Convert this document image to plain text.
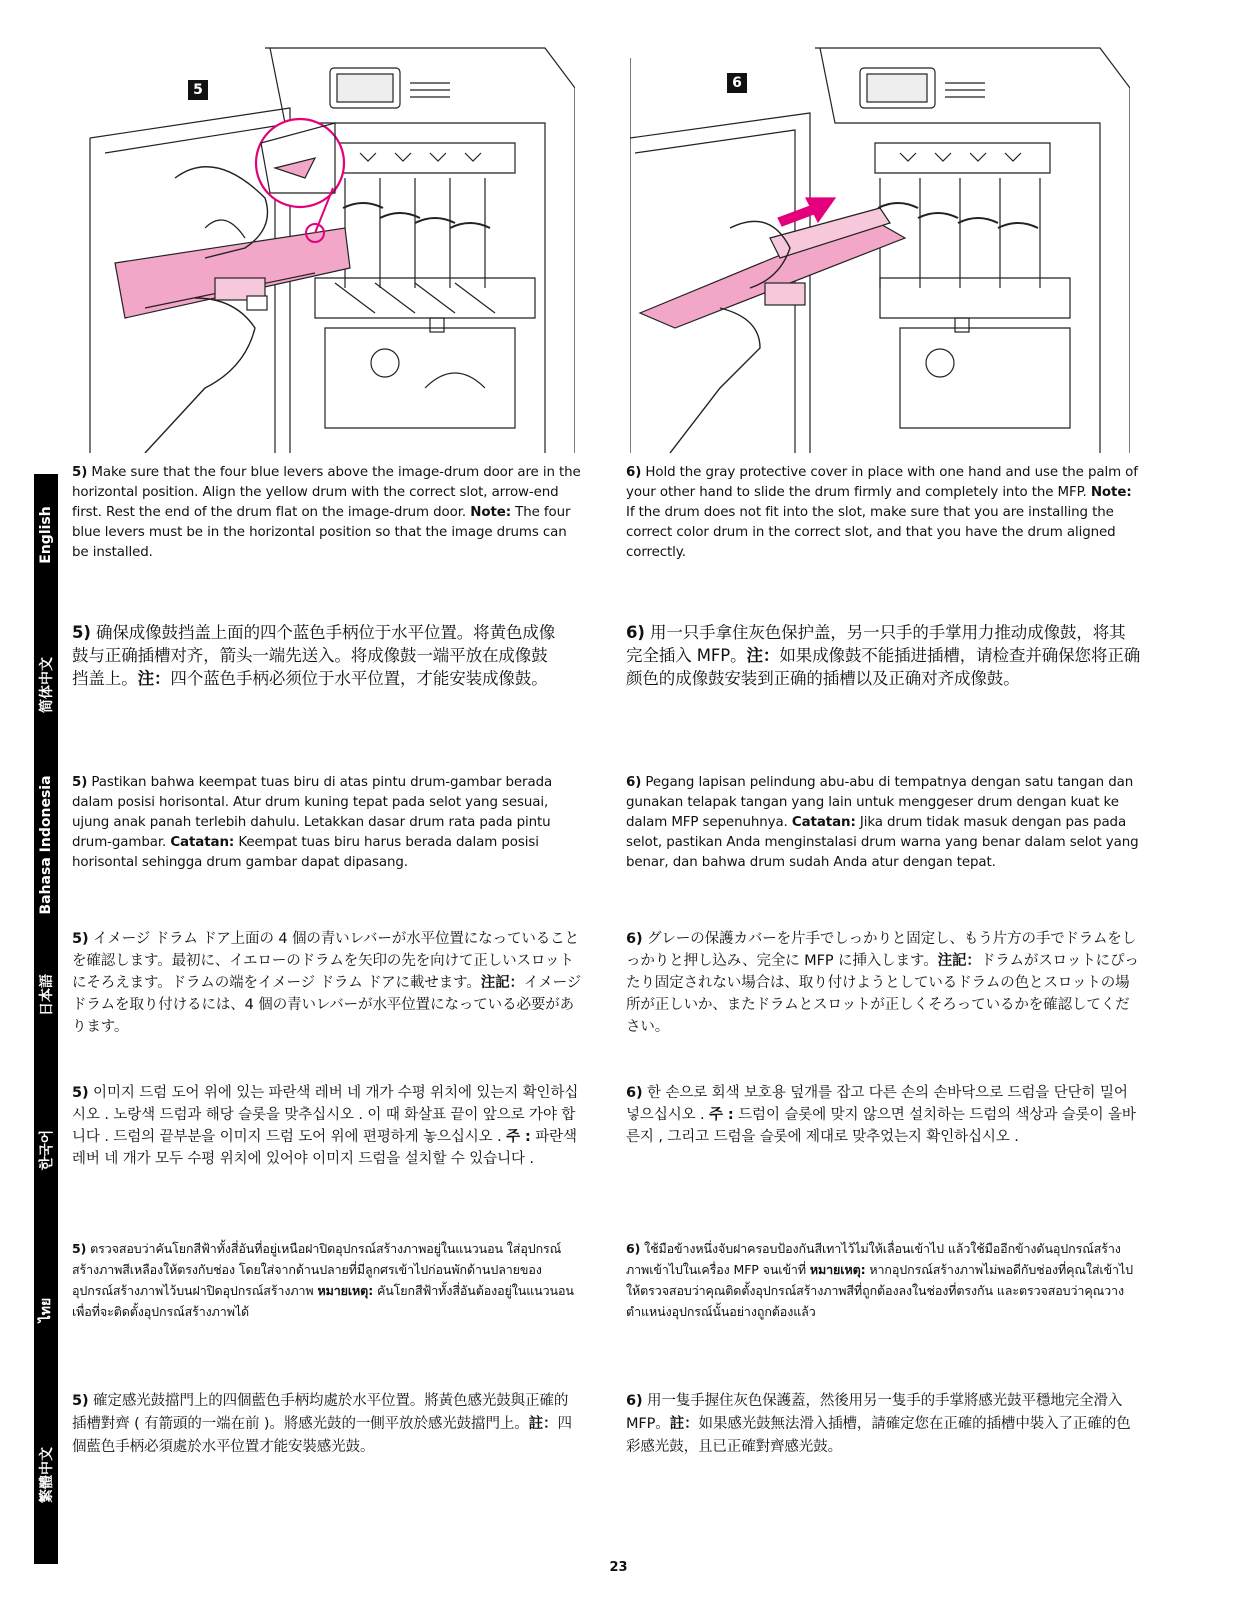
5	6
English
简体中文
Bahasa Indonesia
日本語
한국어
ไทย
繁體中文
5) Make sure that the four blue levers above the image-drum door are in the horizontal position. Align the yellow drum with the correct slot, arrow-end first. Rest the end of the drum flat on the image-drum door. Note: The four blue levers must be in the horizontal position so that the image drums can be installed.
6) Hold the gray protective cover in place with one hand and use the palm of your other hand to slide the drum firmly and completely into the MFP. Note: If the drum does not fit into the slot, make sure that you are installing the correct color drum in the correct slot, and that you have the drum aligned correctly.
5) 确保成像鼓挡盖上面的四个蓝色手柄位于水平位置。将黄色成像鼓与正确插槽对齐，箭头一端先送入。将成像鼓一端平放在成像鼓挡盖上。注：四个蓝色手柄必须位于水平位置，才能安装成像鼓。
6) 用一只手拿住灰色保护盖，另一只手的手掌用力推动成像鼓，将其完全插入 MFP。注：如果成像鼓不能插进插槽，请检查并确保您将正确颜色的成像鼓安装到正确的插槽以及正确对齐成像鼓。
5) Pastikan bahwa keempat tuas biru di atas pintu drum-gambar berada dalam posisi horisontal. Atur drum kuning tepat pada selot yang sesuai, ujung anak panah terlebih dahulu. Letakkan dasar drum rata pada pintu drum-gambar. Catatan: Keempat tuas biru harus berada dalam posisi horisontal sehingga drum gambar dapat dipasang.
6) Pegang lapisan pelindung abu-abu di tempatnya dengan satu tangan dan gunakan telapak tangan yang lain untuk menggeser drum dengan kuat ke dalam MFP sepenuhnya. Catatan: Jika drum tidak masuk dengan pas pada selot, pastikan Anda menginstalasi drum warna yang benar dalam selot yang benar, dan bahwa drum sudah Anda atur dengan tepat.
5) イメージ ドラム ドア上面の 4 個の青いレバーが水平位置になっていることを確認します。最初に、イエローのドラムを矢印の先を向けて正しいスロットにそろえます。ドラムの端をイメージ ドラム ドアに載せます。注記：イメージ ドラムを取り付けるには、4 個の青いレバーが水平位置になっている必要があります。
6) グレーの保護カバーを片手でしっかりと固定し、もう片方の手でドラムをしっかりと押し込み、完全に MFP に挿入します。注記：ドラムがスロットにぴったり固定されない場合は、取り付けようとしているドラムの色とスロットの場所が正しいか、またドラムとスロットが正しくそろっているかを確認してください。
5) 이미지 드럼 도어 위에 있는 파란색 레버 네 개가 수평 위치에 있는지 확인하십시오 . 노랑색 드럼과 해당 슬롯을 맞추십시오 . 이 때 화살표 끝이 앞으로 가야 합니다 . 드럼의 끝부분을 이미지 드럼 도어 위에 편평하게 놓으십시오 . 주 : 파란색 레버 네 개가 모두 수평 위치에 있어야 이미지 드럼을 설치할 수 있습니다 .
6) 한 손으로 회색 보호용 덮개를 잡고 다른 손의 손바닥으로 드럼을 단단히 밀어 넣으십시오 . 주 : 드럼이 슬롯에 맞지 않으면 설치하는 드럼의 색상과 슬롯이 올바른지 , 그리고 드럼을 슬롯에 제대로 맞추었는지 확인하십시오 .
5) ตรวจสอบว่าคันโยกสีฟ้าทั้งสี่อันที่อยู่เหนือฝาปิดอุปกรณ์สร้างภาพอยู่ในแนวนอน ใส่อุปกรณ์สร้างภาพสีเหลืองให้ตรงกับช่อง โดยใส่จากด้านปลายที่มีลูกศรเข้าไปก่อนพักด้านปลายของอุปกรณ์สร้างภาพไว้บนฝาปิดอุปกรณ์สร้างภาพ หมายเหตุ: คันโยกสีฟ้าทั้งสี่อันต้องอยู่ในแนวนอน เพื่อที่จะติดตั้งอุปกรณ์สร้างภาพได้
6) ใช้มือข้างหนึ่งจับฝาครอบป้องกันสีเทาไว้ไม่ให้เลื่อนเข้าไป แล้วใช้มืออีกข้างดันอุปกรณ์สร้างภาพเข้าไปในเครื่อง MFP จนเข้าที่ หมายเหตุ: หากอุปกรณ์สร้างภาพไม่พอดีกับช่องที่คุณใส่เข้าไป ให้ตรวจสอบว่าคุณติดตั้งอุปกรณ์สร้างภาพสีที่ถูกต้องลงในช่องที่ตรงกัน และตรวจสอบว่าคุณวางตำแหน่งอุปกรณ์นั้นอย่างถูกต้องแล้ว
5) 確定感光鼓擋門上的四個藍色手柄均處於水平位置。將黃色感光鼓與正確的插槽對齊 ( 有箭頭的一端在前 )。將感光鼓的一側平放於感光鼓擋門上。註：四個藍色手柄必須處於水平位置才能安裝感光鼓。
6) 用一隻手握住灰色保護蓋，然後用另一隻手的手掌將感光鼓平穩地完全滑入 MFP。註：如果感光鼓無法滑入插槽，請確定您在正確的插槽中裝入了正確的色彩感光鼓，且已正確對齊感光鼓。
23
